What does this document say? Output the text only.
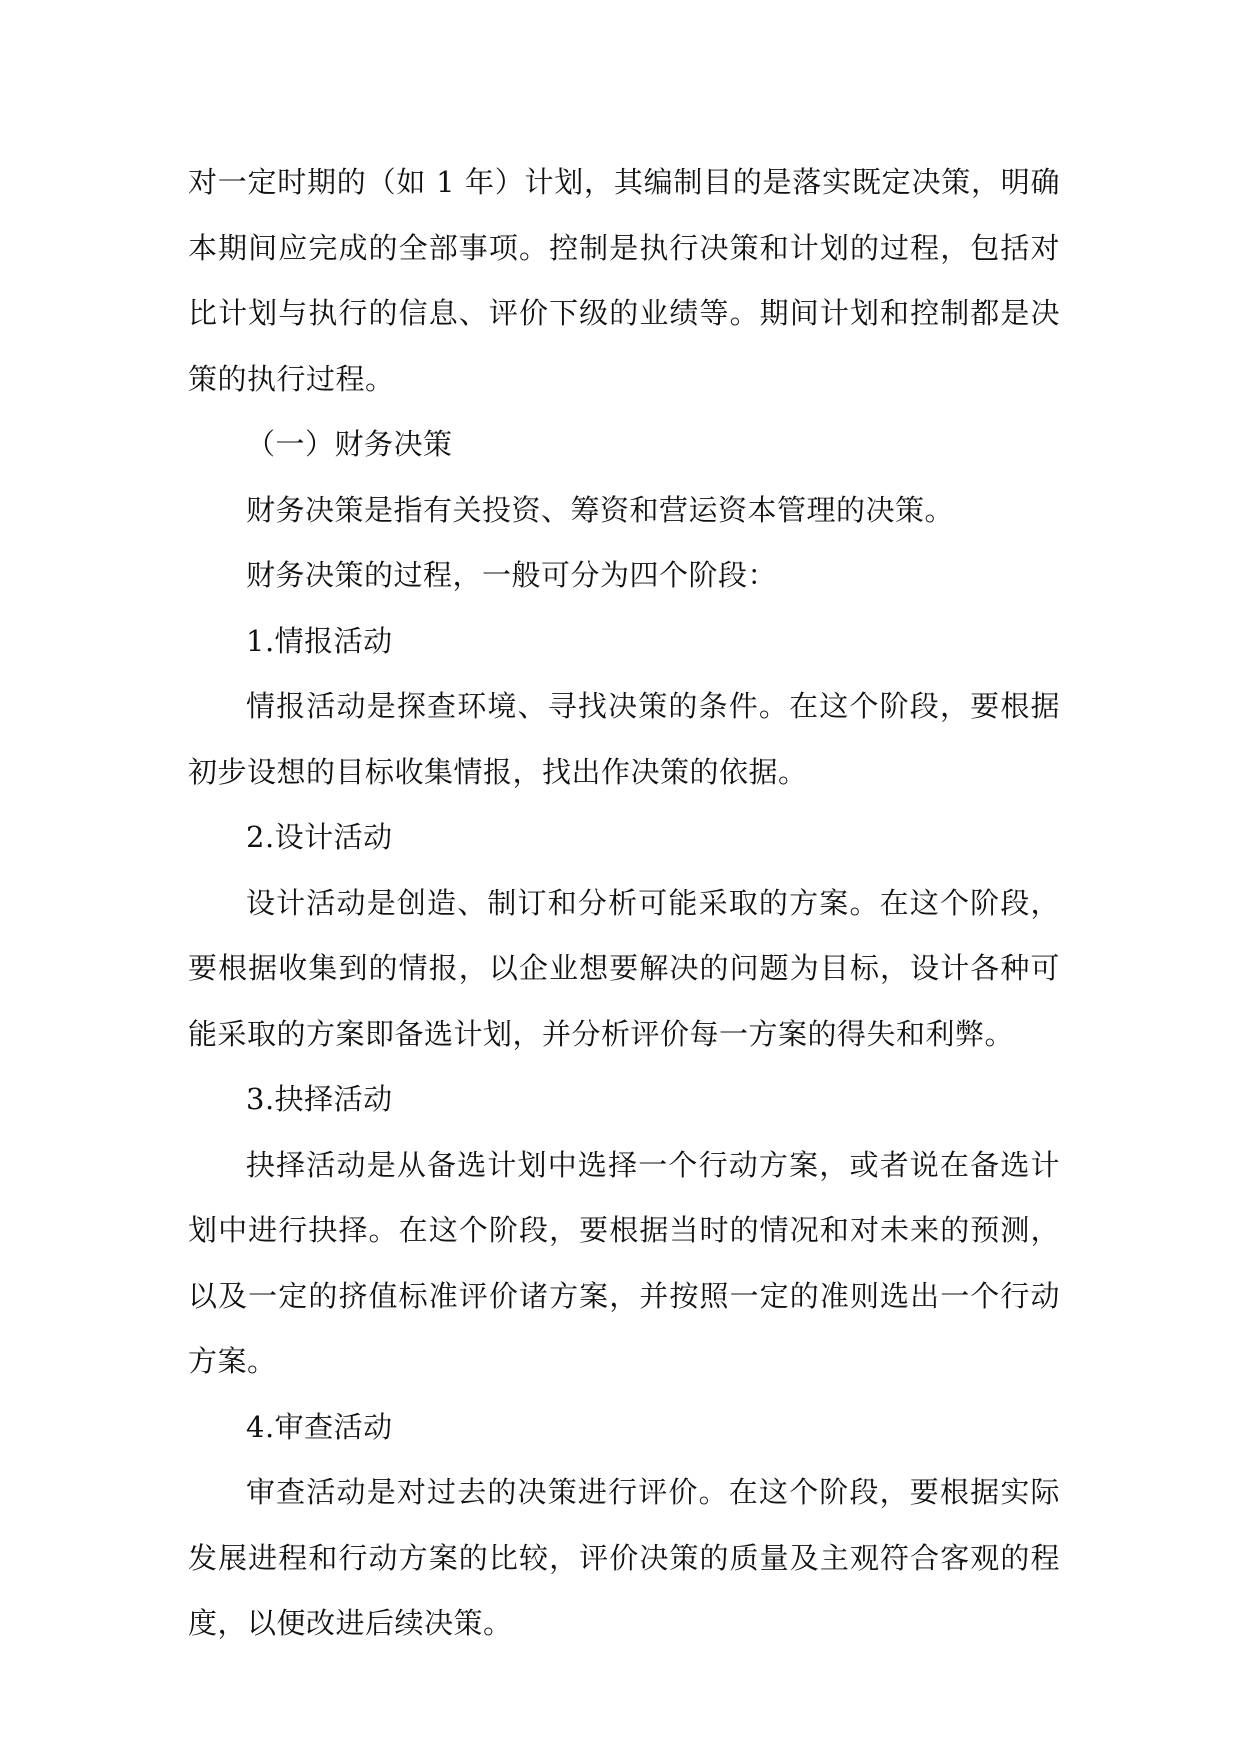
对一定时期的（如 1 年）计划，其编制目的是落实既定决策，明确本期间应完成的全部事项。控制是执行决策和计划的过程，包括对比计划与执行的信息、评价下级的业绩等。期间计划和控制都是决策的执行过程。

（一）财务决策

财务决策是指有关投资、筹资和营运资本管理的决策。

财务决策的过程，一般可分为四个阶段：

1.情报活动

情报活动是探查环境、寻找决策的条件。在这个阶段，要根据初步设想的目标收集情报，找出作决策的依据。

2.设计活动

设计活动是创造、制订和分析可能采取的方案。在这个阶段，要根据收集到的情报，以企业想要解决的问题为目标，设计各种可能采取的方案即备选计划，并分析评价每一方案的得失和利弊。

3.抉择活动

抉择活动是从备选计划中选择一个行动方案，或者说在备选计划中进行抉择。在这个阶段，要根据当时的情况和对未来的预测，以及一定的挤值标准评价诸方案，并按照一定的准则选出一个行动方案。

4.审查活动

审查活动是对过去的决策进行评价。在这个阶段，要根据实际发展进程和行动方案的比较，评价决策的质量及主观符合客观的程度，以便改进后续决策。
